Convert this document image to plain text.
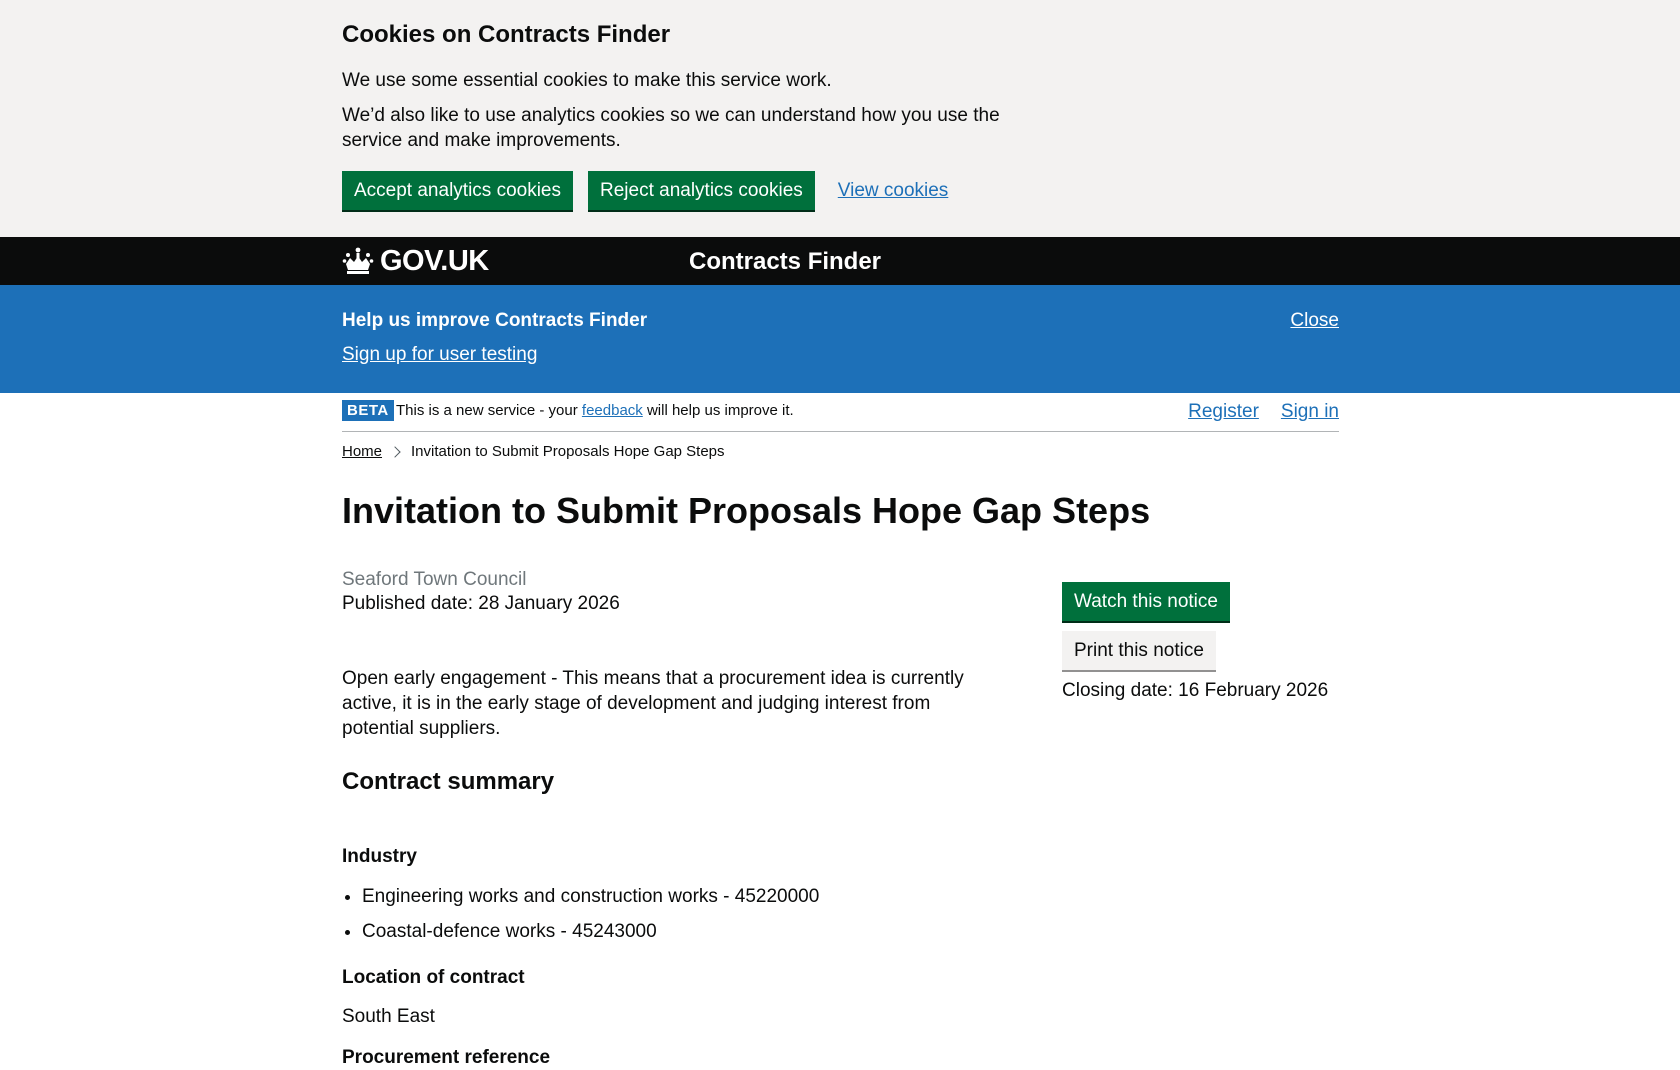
Cookies on Contracts Finder

We use some essential cookies to make this service work.

We’d also like to use analytics cookies so we can understand how you use the service and make improvements.

Accept analytics cookies	Reject analytics cookies	View cookies
GOV.UK	Contracts Finder
Help us improve Contracts Finder
Sign up for user testing
Close
BETA This is a new service - your feedback will help us improve it.	Register Sign in
Home Invitation to Submit Proposals Hope Gap Steps
Invitation to Submit Proposals Hope Gap Steps
Seaford Town Council
Published date: 28 January 2026

Open early engagement - This means that a procurement idea is currently active, it is in the early stage of development and judging interest from potential suppliers.

Contract summary
Industry
• Engineering works and construction works - 45220000
• Coastal-defence works - 45243000
Location of contract
South East
Procurement reference
Watch this notice
Print this notice
Closing date: 16 February 2026
